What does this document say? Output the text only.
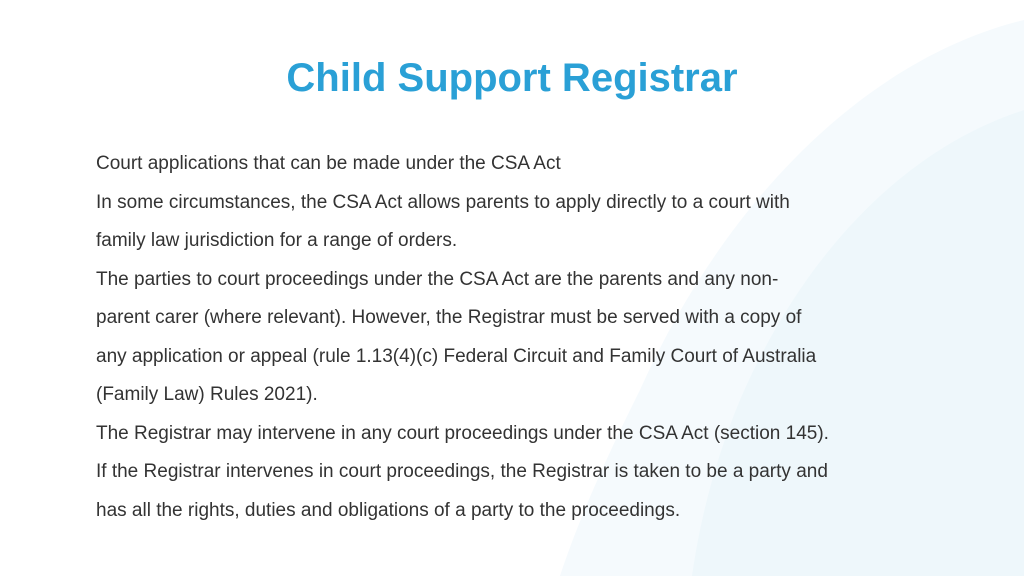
Child Support Registrar

Court applications that can be made under the CSA Act

In some circumstances, the CSA Act allows parents to apply directly to a court with

family law jurisdiction for a range of orders.

The parties to court proceedings under the CSA Act are the parents and any non-

parent carer (where relevant). However, the Registrar must be served with a copy of

any application or appeal (rule 1.13(4)(c) Federal Circuit and Family Court of Australia

(Family Law) Rules 2021).

The Registrar may intervene in any court proceedings under the CSA Act (section 145).

If the Registrar intervenes in court proceedings, the Registrar is taken to be a party and

has all the rights, duties and obligations of a party to the proceedings.
